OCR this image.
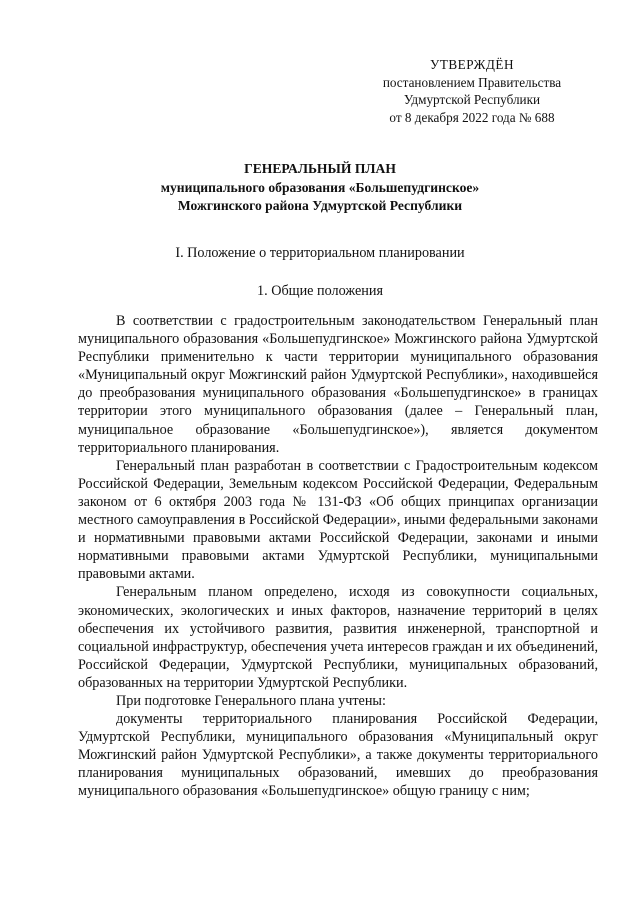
УТВЕРЖДЁН
постановлением Правительства
Удмуртской Республики
от 8 декабря 2022 года № 688
ГЕНЕРАЛЬНЫЙ ПЛАН
муниципального образования «Большепудгинское»
Можгинского района Удмуртской Республики
I. Положение о территориальном планировании
1. Общие положения

В соответствии с градостроительным законодательством Генеральный план муниципального образования «Большепудгинское» Можгинского района Удмуртской Республики применительно к части территории муниципального образования «Муниципальный округ Можгинский район Удмуртской Республики», находившейся до преобразования муниципального образования «Большепудгинское» в границах территории этого муниципального образования (далее – Генеральный план, муниципальное образование «Большепудгинское»), является документом территориального планирования.

Генеральный план разработан в соответствии с Градостроительным кодексом Российской Федерации, Земельным кодексом Российской Федерации, Федеральным законом от 6 октября 2003 года № 131-ФЗ «Об общих принципах организации местного самоуправления в Российской Федерации», иными федеральными законами и нормативными правовыми актами Российской Федерации, законами и иными нормативными правовыми актами Удмуртской Республики, муниципальными правовыми актами.

Генеральным планом определено, исходя из совокупности социальных, экономических, экологических и иных факторов, назначение территорий в целях обеспечения их устойчивого развития, развития инженерной, транспортной и социальной инфраструктур, обеспечения учета интересов граждан и их объединений, Российской Федерации, Удмуртской Республики, муниципальных образований, образованных на территории Удмуртской Республики.

При подготовке Генерального плана учтены:

документы территориального планирования Российской Федерации, Удмуртской Республики, муниципального образования «Муниципальный округ Можгинский район Удмуртской Республики», а также документы территориального планирования муниципальных образований, имевших до преобразования муниципального образования «Большепудгинское» общую границу с ним;
